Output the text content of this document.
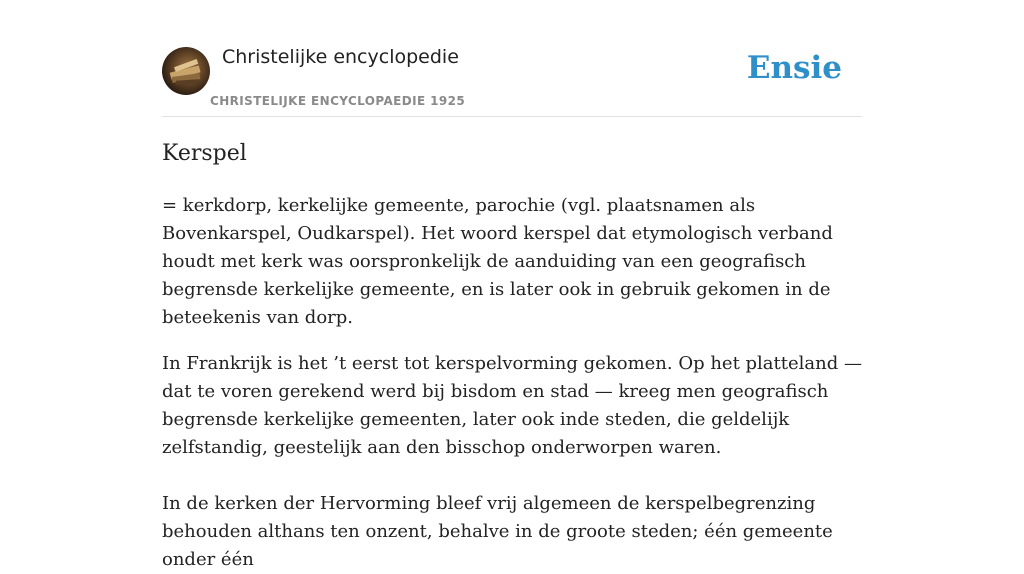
Christelijke encyclopedie
CHRISTELIJKE ENCYCLOPAEDIE 1925
Ensie
Kerspel

= kerkdorp, kerkelijke gemeente, parochie (vgl. plaatsnamen als Bovenkarspel, Oudkarspel). Het woord kerspel dat etymologisch verband houdt met kerk was oorspronkelijk de aanduiding van een geografisch begrensde kerkelijke gemeente, en is later ook in gebruik gekomen in de beteekenis van dorp.

In Frankrijk is het ’t eerst tot kerspelvorming gekomen. Op het platteland — dat te voren gerekend werd bij bisdom en stad — kreeg men geografisch begrensde kerkelijke gemeenten, later ook inde steden, die geldelijk zelfstandig, geestelijk aan den bisschop onderworpen waren.

In de kerken der Hervorming bleef vrij algemeen de kerspelbegrenzing behouden althans ten onzent, behalve in de groote steden; één gemeente onder één
